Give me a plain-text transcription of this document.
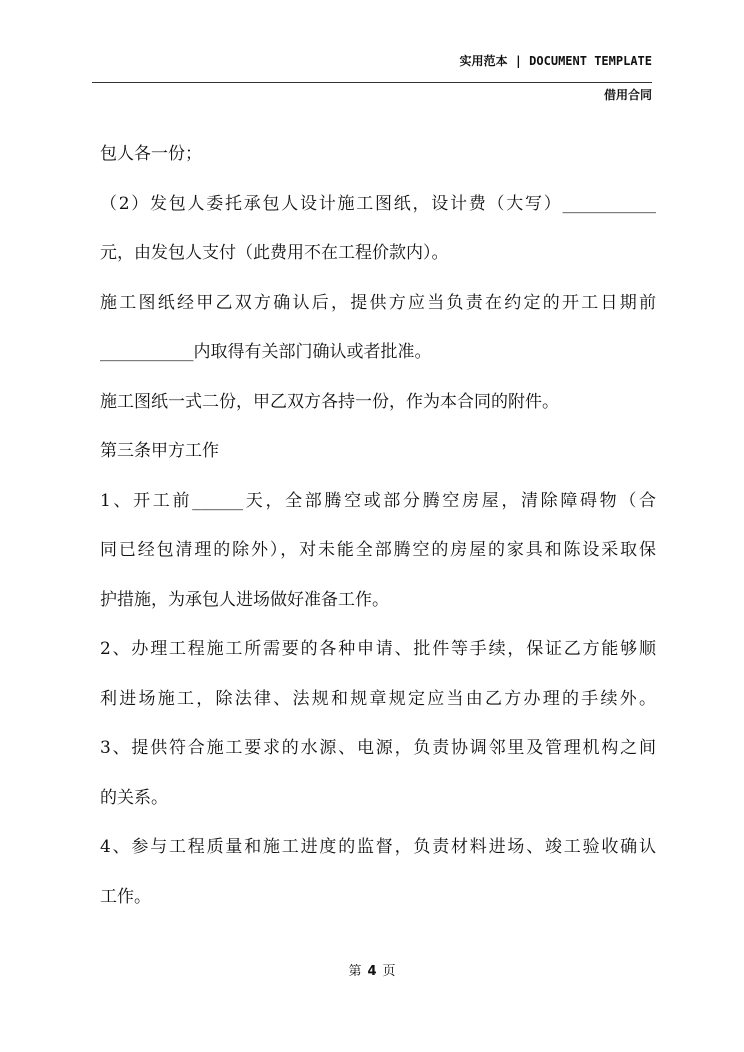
实用范本 | DOCUMENT TEMPLATE
借用合同
包人各一份；
（2）发包人委托承包人设计施工图纸，设计费（大写）___________
元，由发包人支付（此费用不在工程价款内）。
施工图纸经甲乙双方确认后，提供方应当负责在约定的开工日期前
___________内取得有关部门确认或者批准。
施工图纸一式二份，甲乙双方各持一份，作为本合同的附件。
第三条甲方工作
1、开工前______天，全部腾空或部分腾空房屋，清除障碍物（合
同已经包清理的除外），对未能全部腾空的房屋的家具和陈设采取保
护措施，为承包人进场做好准备工作。
2、办理工程施工所需要的各种申请、批件等手续，保证乙方能够顺
利进场施工，除法律、法规和规章规定应当由乙方办理的手续外。
3、提供符合施工要求的水源、电源，负责协调邻里及管理机构之间
的关系。
4、参与工程质量和施工进度的监督，负责材料进场、竣工验收确认
工作。
第 4 页
